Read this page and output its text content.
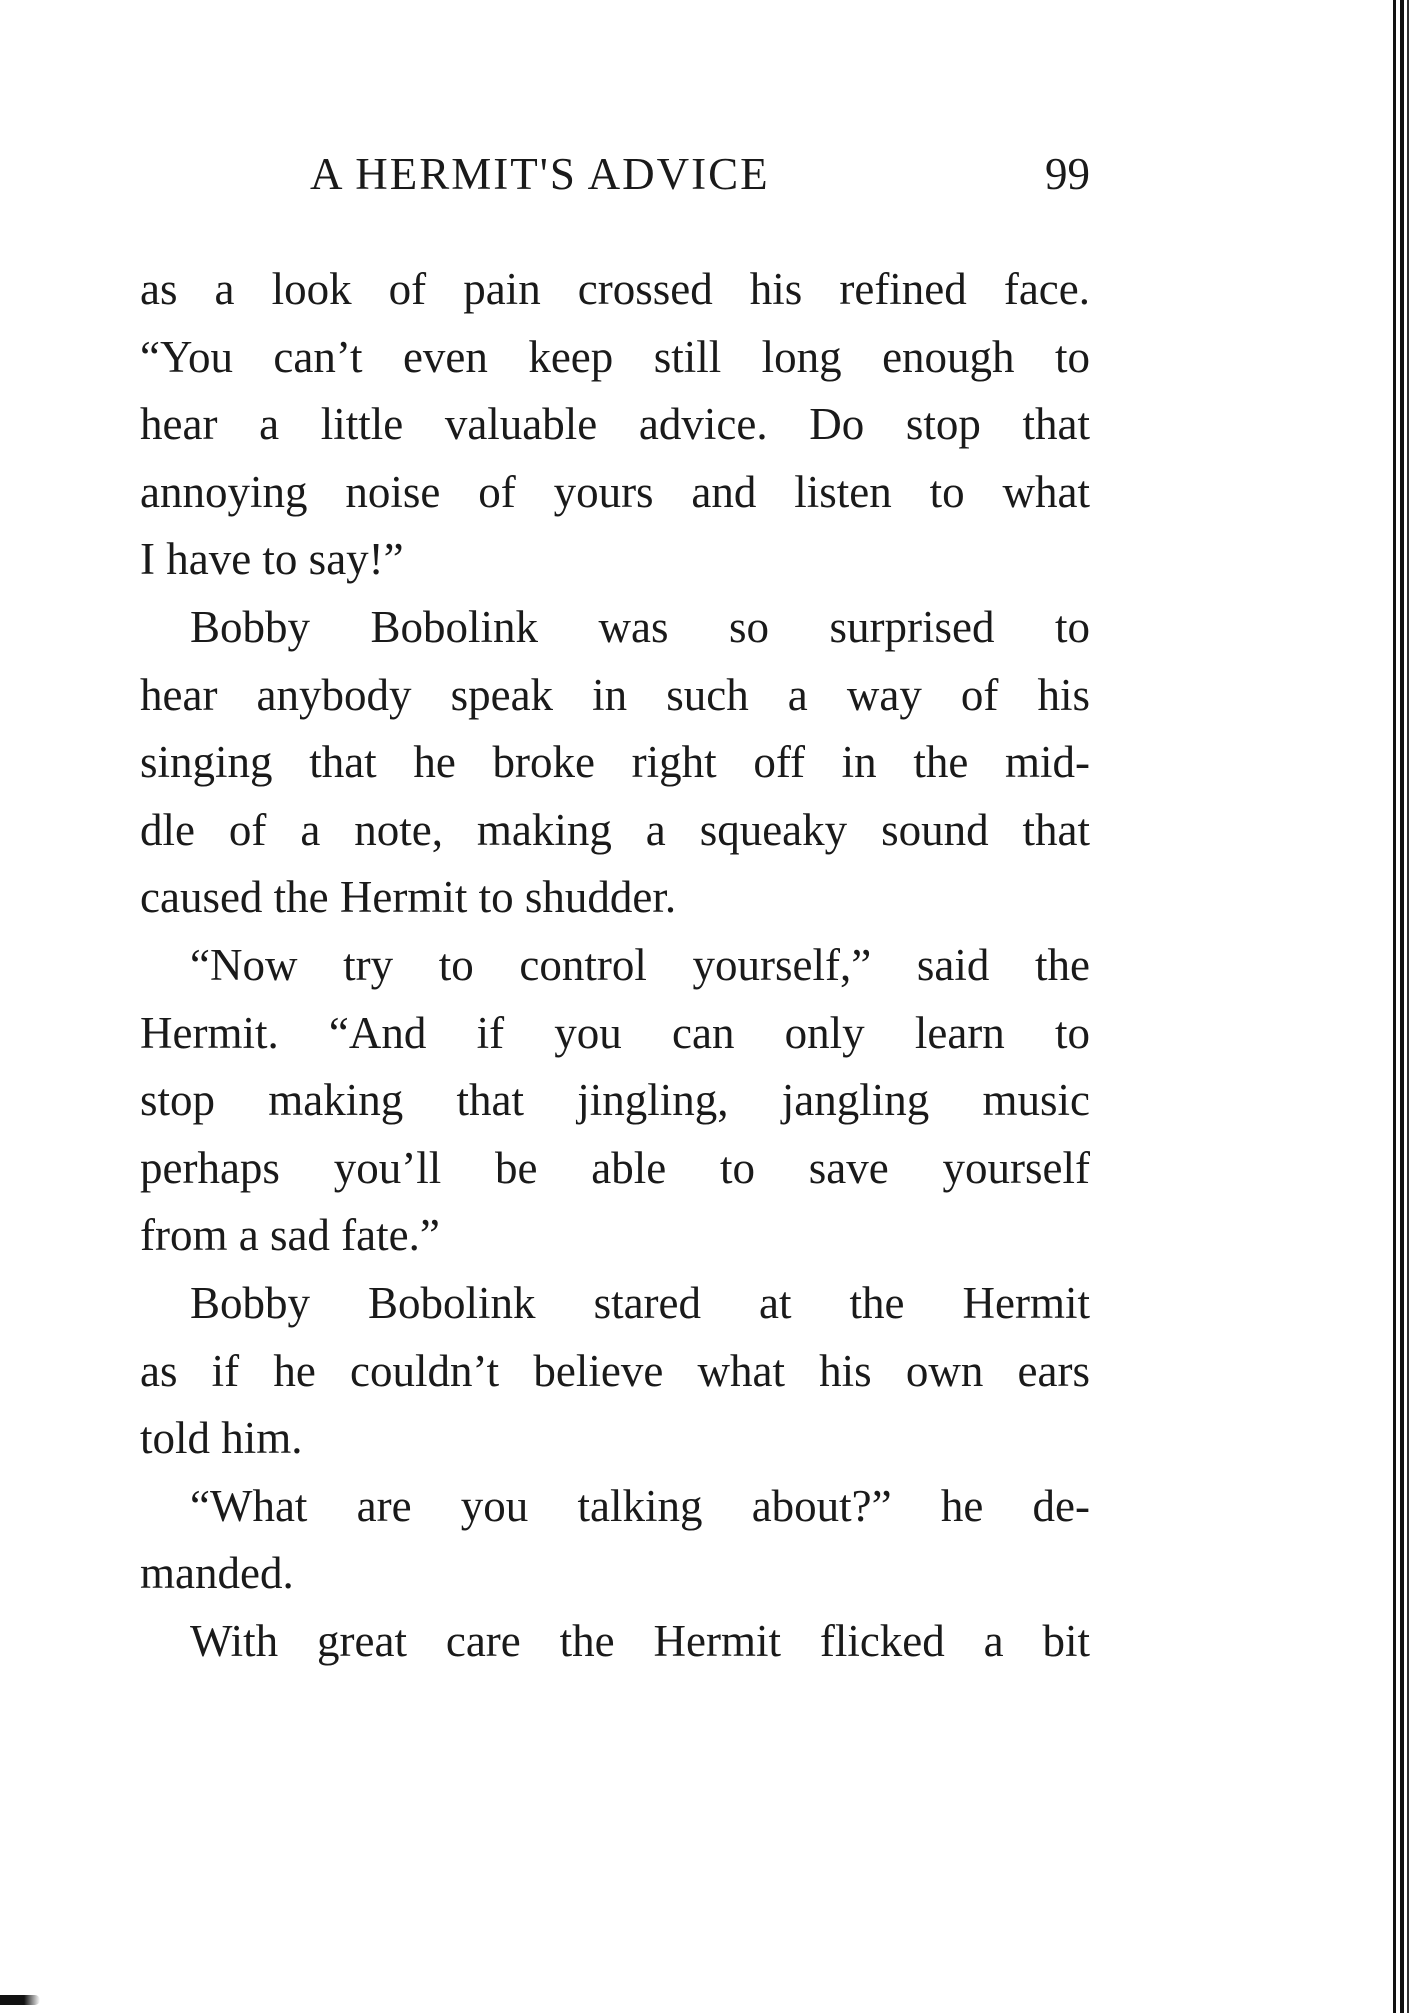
A HERMIT'S ADVICE	99
as a look of pain crossed his refined face.
“You can’t even keep still long enough to
hear a little valuable advice. Do stop that
annoying noise of yours and listen to what
I have to say!”
Bobby Bobolink was so surprised to
hear anybody speak in such a way of his
singing that he broke right off in the mid-
dle of a note, making a squeaky sound that
caused the Hermit to shudder.
“Now try to control yourself,” said the
Hermit. “And if you can only learn to
stop making that jingling, jangling music
perhaps you’ll be able to save yourself
from a sad fate.”
Bobby Bobolink stared at the Hermit
as if he couldn’t believe what his own ears
told him.
“What are you talking about?” he de-
manded.
With great care the Hermit flicked a bit
